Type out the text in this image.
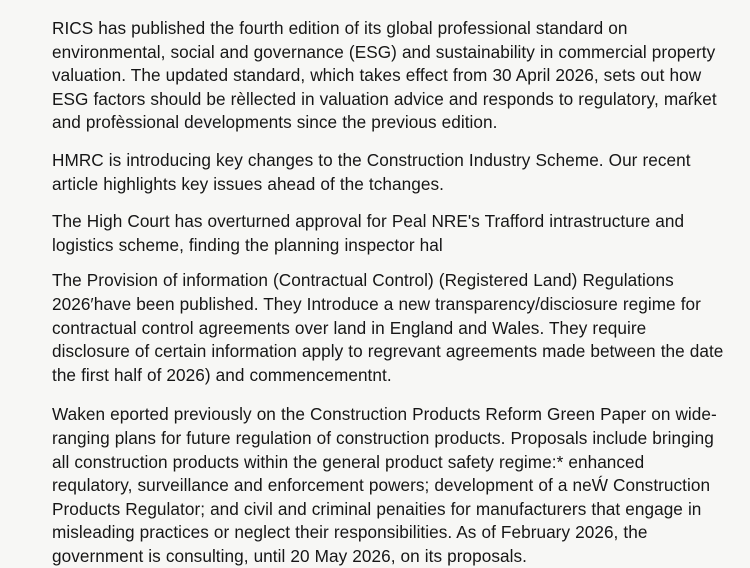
RICS has published the fourth edition of its global professional standard on environmental, social and governance (ESG) and sustainability in commercial property valuation. The updated standard, which takes effect from 30 April 2026, sets out how ESG factors should be rèllected in valuation advice and responds to regulatory, maŕket and profèssional developments since the previous edition.

HMRC is introducing key changes to the Construction Industry Scheme. Our recent article highlights key issues ahead of the tchanges.

The High Court has overturned approval for Peal NRE's Trafford intrastructure and logistics scheme, finding the planning inspector hal

The Provision of information (Contractual Control) (Registered Land) Regulations 2026′have been published. They Introduce a new transparency/disciosure regime for contractual control agreements over land in England and Wales. They require disclosure of certain information apply to regrevant agreements made between the date the first half of 2026) and commencementnt.

Waken eported previously on the Construction Products Reform Green Paper on wide-ranging plans for future regulation of construction products. Proposals include bringing all construction products within the general product safety regime:* enhanced requlatory, surveillance and enforcement powers; development of a neẂ Construction Products Regulator; and civil and criminal penaities for manufacturers that engage in misleading practices or neglect their responsibilities. As of February 2026, the government is consulting, until 20 May 2026, on its proposals.
